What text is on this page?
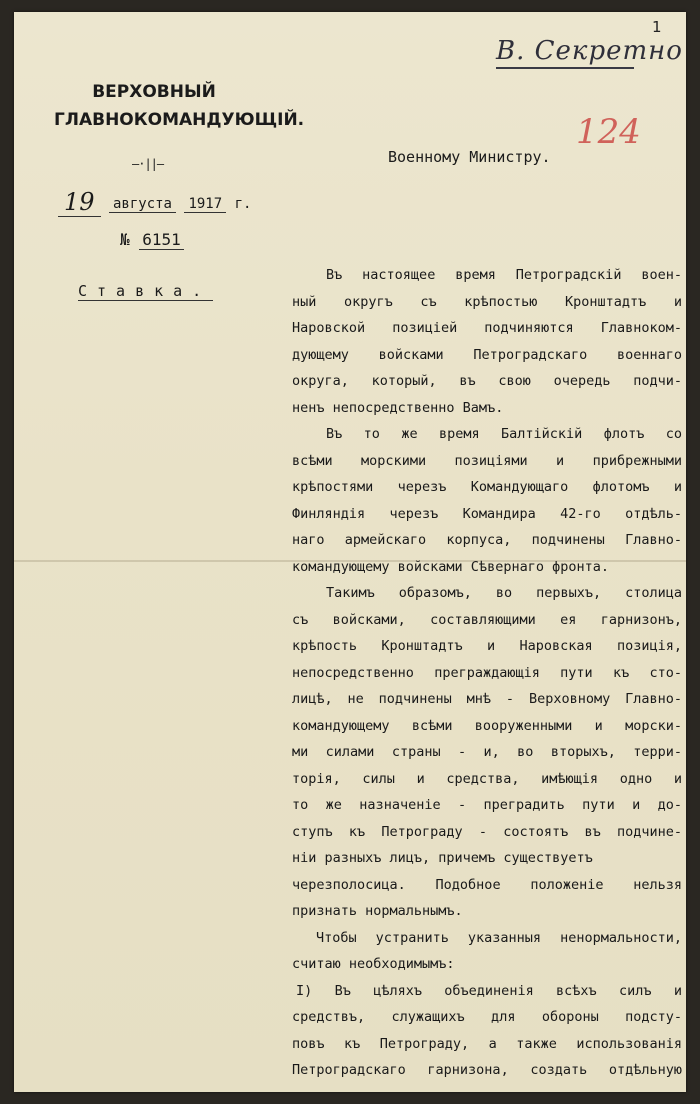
1
В. Секретно
124
ВЕРХОВНЫЙ
ГЛАВНОКОМАНДУЮЩІЙ.
—·||—
19 августа 1917 г.
№ 6151
Ставка.
Военному Министру.
Въ настоящее время Петроградскій воен-
ный округъ съ крѣпостью Кронштадтъ и
Наровской позиціей подчиняются Главноком-
дующему войсками Петроградскаго военнаго
округа, который, въ свою очередь подчи-
ненъ непосредственно Вамъ.
Въ то же время Балтійскій флотъ со
всѣми морскими позиціями и прибрежными
крѣпостями черезъ Командующаго флотомъ и
Финляндія черезъ Командира 42-го отдѣль-
наго армейскаго корпуса, подчинены Главно-
командующему войсками Сѣвернаго фронта.
Такимъ образомъ, во первыхъ, столица
съ войсками, составляющими ея гарнизонъ,
крѣпость Кронштадтъ и Наровская позиція,
непосредственно преграждающія пути къ сто-
лицѣ, не подчинены мнѣ - Верховному Главно-
командующему всѣми вооруженными и морски-
ми силами страны - и, во вторыхъ, терри-
торія, силы и средства, имѣющія одно и
то же назначеніе - преградить пути и до-
ступъ къ Петрограду - состоятъ въ подчине-
ніи разныхъ лицъ, причемъ существуетъ
черезполосица. Подобное положеніе нельзя
признать нормальнымъ.
Чтобы устранить указанныя ненормальности,
считаю необходимымъ:
I) Въ цѣляхъ объединенія всѣхъ силъ и
средствъ, служащихъ для обороны подсту-
повъ къ Петрограду, а также использованія
Петроградскаго гарнизона, создать отдѣльную
